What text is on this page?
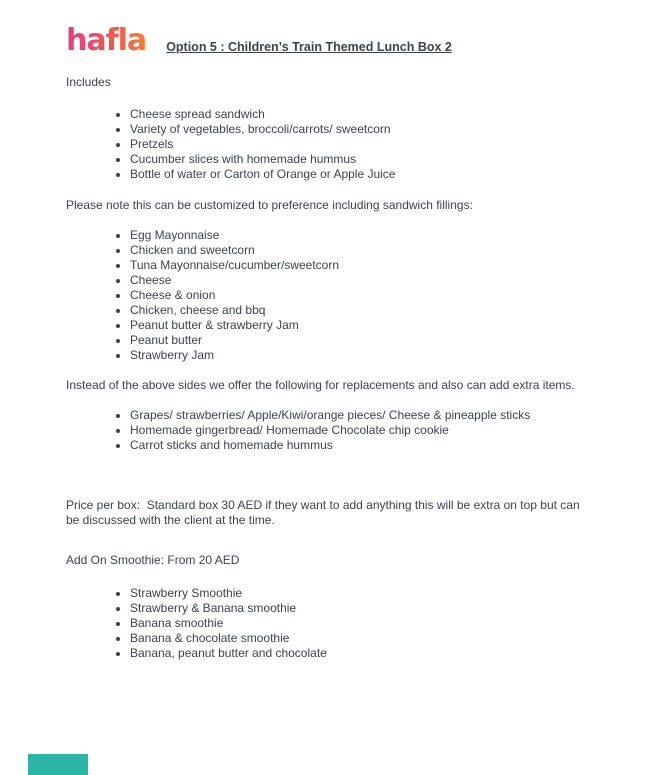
hafla Option 5 : Children’s Train Themed Lunch Box 2

Includes

• Cheese spread sandwich
• Variety of vegetables, broccoli/carrots/ sweetcorn
• Pretzels
• Cucumber slices with homemade hummus
• Bottle of water or Carton of Orange or Apple Juice

Please note this can be customized to preference including sandwich fillings:

• Egg Mayonnaise
• Chicken and sweetcorn
• Tuna Mayonnaise/cucumber/sweetcorn
• Cheese
• Cheese & onion
• Chicken, cheese and bbq
• Peanut butter & strawberry Jam
• Peanut butter
• Strawberry Jam

Instead of the above sides we offer the following for replacements and also can add extra items.

• Grapes/ strawberries/ Apple/Kiwi/orange pieces/ Cheese & pineapple sticks
• Homemade gingerbread/ Homemade Chocolate chip cookie
• Carrot sticks and homemade hummus

Price per box:  Standard box 30 AED if they want to add anything this will be extra on top but can be discussed with the client at the time.

Add On Smoothie: From 20 AED

• Strawberry Smoothie
• Strawberry & Banana smoothie
• Banana smoothie
• Banana & chocolate smoothie
• Banana, peanut butter and chocolate
